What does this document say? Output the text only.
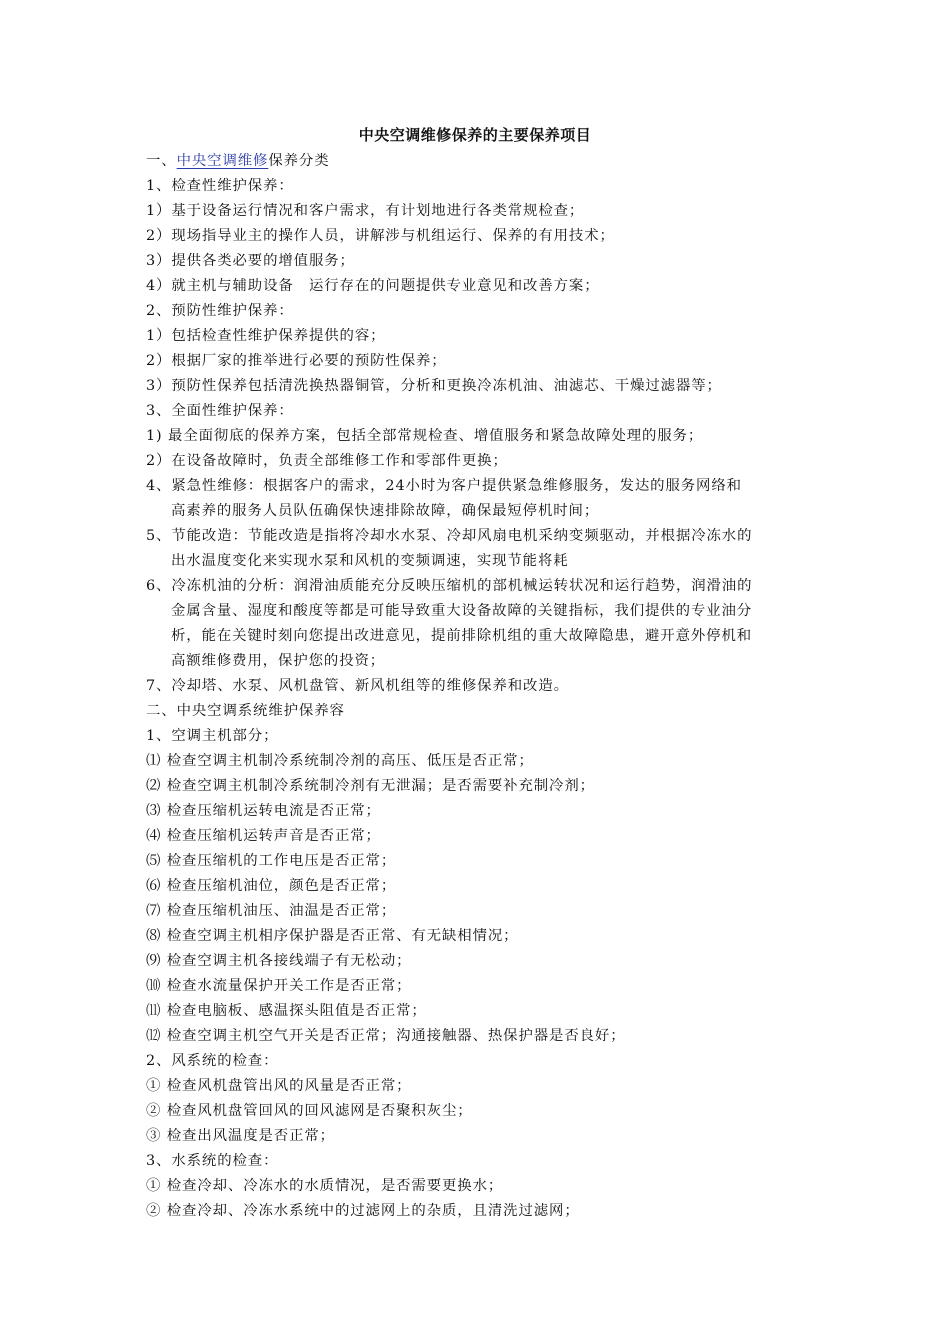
中央空调维修保养的主要保养项目
一、中央空调维修保养分类
1、检查性维护保养：
1）基于设备运行情况和客户需求，有计划地进行各类常规检查；
2）现场指导业主的操作人员，讲解涉与机组运行、保养的有用技术；
3）提供各类必要的增值服务；
4）就主机与辅助设备　运行存在的问题提供专业意见和改善方案；
2、预防性维护保养：
1）包括检查性维护保养提供的容；
2）根据厂家的推举进行必要的预防性保养；
3）预防性保养包括清洗换热器铜管，分析和更换冷冻机油、油滤芯、干燥过滤器等；
3、全面性维护保养：
1) 最全面彻底的保养方案，包括全部常规检查、增值服务和紧急故障处理的服务；
2）在设备故障时，负责全部维修工作和零部件更换；
4、紧急性维修：根据客户的需求，24小时为客户提供紧急维修服务，发达的服务网络和
高素养的服务人员队伍确保快速排除故障，确保最短停机时间；
5、节能改造：节能改造是指将冷却水水泵、冷却风扇电机采纳变频驱动，并根据冷冻水的
出水温度变化来实现水泵和风机的变频调速，实现节能将耗
6、冷冻机油的分析：润滑油质能充分反映压缩机的部机械运转状况和运行趋势，润滑油的
金属含量、湿度和酸度等都是可能导致重大设备故障的关键指标，我们提供的专业油分
析，能在关键时刻向您提出改进意见，提前排除机组的重大故障隐患，避开意外停机和
高额维修费用，保护您的投资；
7、冷却塔、水泵、风机盘管、新风机组等的维修保养和改造。
二、中央空调系统维护保养容
1、空调主机部分；
⑴ 检查空调主机制冷系统制冷剂的高压、低压是否正常；
⑵ 检查空调主机制冷系统制冷剂有无泄漏；是否需要补充制冷剂；
⑶ 检查压缩机运转电流是否正常；
⑷ 检查压缩机运转声音是否正常；
⑸ 检查压缩机的工作电压是否正常；
⑹ 检查压缩机油位，颜色是否正常；
⑺ 检查压缩机油压、油温是否正常；
⑻ 检查空调主机相序保护器是否正常、有无缺相情况；
⑼ 检查空调主机各接线端子有无松动；
⑽ 检查水流量保护开关工作是否正常；
⑾ 检查电脑板、感温探头阻值是否正常；
⑿ 检查空调主机空气开关是否正常；沟通接触器、热保护器是否良好；
2、风系统的检查：
① 检查风机盘管出风的风量是否正常；
② 检查风机盘管回风的回风滤网是否聚积灰尘；
③ 检查出风温度是否正常；
3、水系统的检查：
① 检查冷却、冷冻水的水质情况，是否需要更换水；
② 检查冷却、冷冻水系统中的过滤网上的杂质，且清洗过滤网；
